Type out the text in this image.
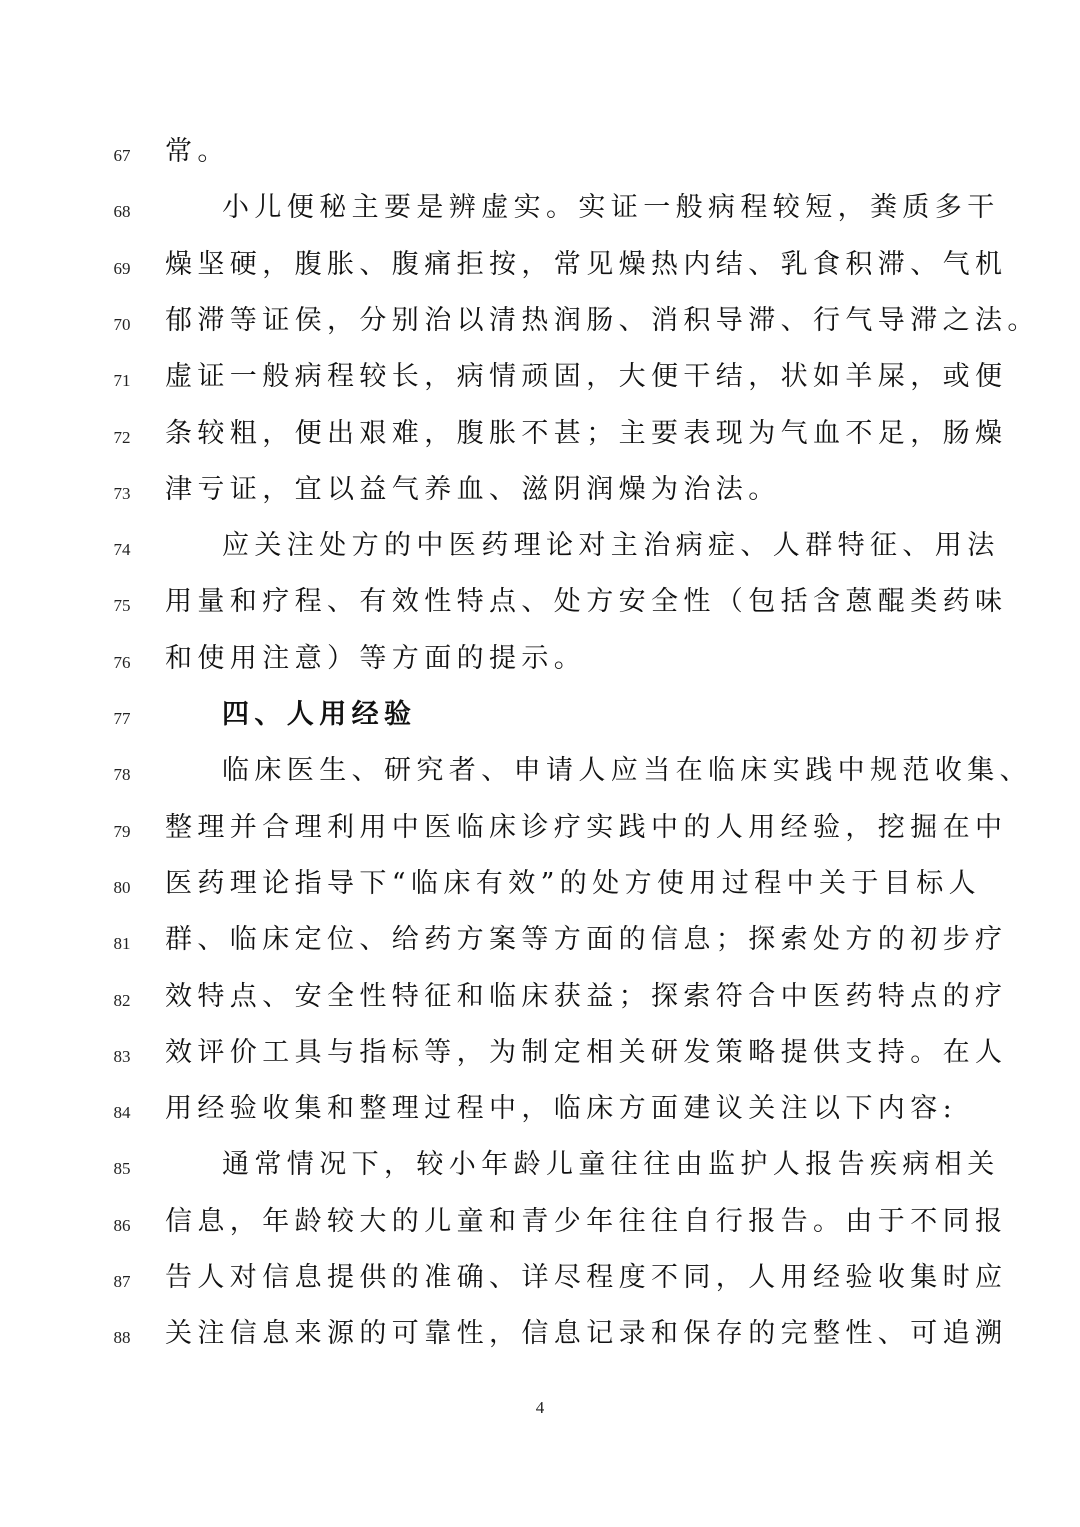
67	常。
68	小儿便秘主要是辨虚实。实证一般病程较短，粪质多干
69	燥坚硬，腹胀、腹痛拒按，常见燥热内结、乳食积滞、气机
70	郁滞等证侯，分别治以清热润肠、消积导滞、行气导滞之法。
71	虚证一般病程较长，病情顽固，大便干结，状如羊屎，或便
72	条较粗，便出艰难，腹胀不甚；主要表现为气血不足，肠燥
73	津亏证，宜以益气养血、滋阴润燥为治法。
74	应关注处方的中医药理论对主治病症、人群特征、用法
75	用量和疗程、有效性特点、处方安全性（包括含蒽醌类药味
76	和使用注意）等方面的提示。
77	四、人用经验
78	临床医生、研究者、申请人应当在临床实践中规范收集、
79	整理并合理利用中医临床诊疗实践中的人用经验，挖掘在中
80	医药理论指导下“临床有效”的处方使用过程中关于目标人
81	群、临床定位、给药方案等方面的信息；探索处方的初步疗
82	效特点、安全性特征和临床获益；探索符合中医药特点的疗
83	效评价工具与指标等，为制定相关研发策略提供支持。在人
84	用经验收集和整理过程中，临床方面建议关注以下内容:
85	通常情况下，较小年龄儿童往往由监护人报告疾病相关
86	信息，年龄较大的儿童和青少年往往自行报告。由于不同报
87	告人对信息提供的准确、详尽程度不同，人用经验收集时应
88	关注信息来源的可靠性，信息记录和保存的完整性、可追溯
4
